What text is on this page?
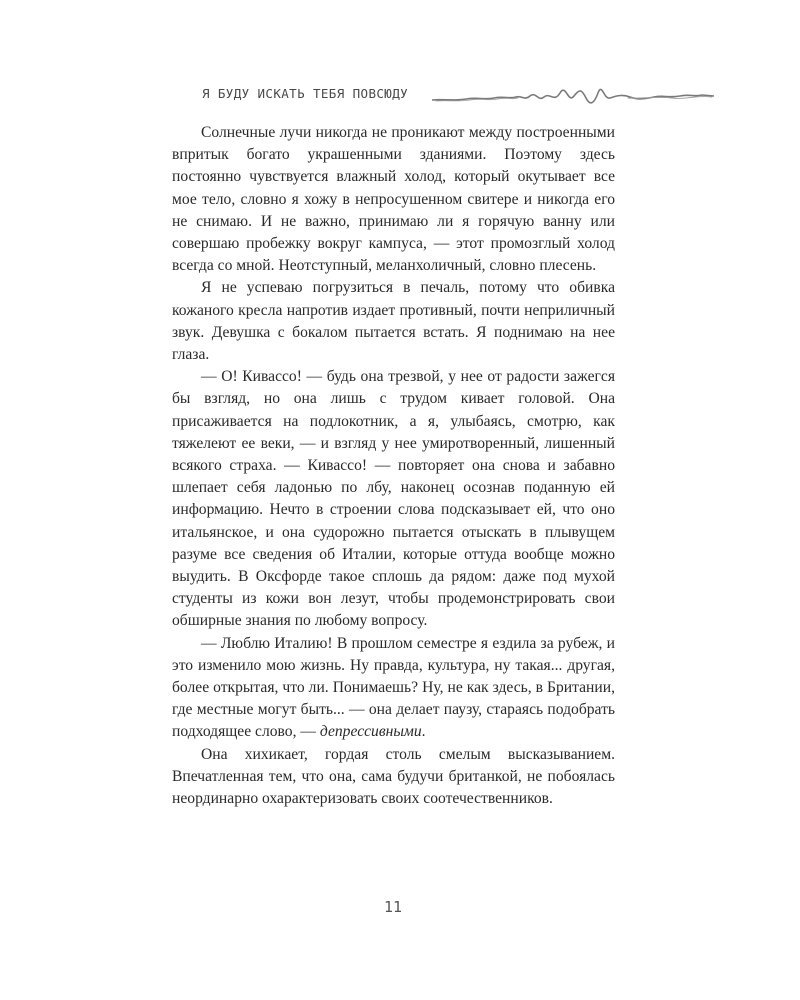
Я БУДУ ИСКАТЬ ТЕБЯ ПОВСЮДУ

Солнечные лучи никогда не проникают между построенными впритык богато украшенными зданиями. Поэтому здесь постоянно чувствуется влажный холод, который окутывает все мое тело, словно я хожу в непросушенном свитере и никогда его не снимаю. И не важно, принимаю ли я горячую ванну или совершаю пробежку вокруг кампуса, — этот промозглый холод всегда со мной. Неотступный, меланхоличный, словно плесень.

Я не успеваю погрузиться в печаль, потому что обивка кожаного кресла напротив издает противный, почти неприличный звук. Девушка с бокалом пытается встать. Я поднимаю на нее глаза.

— О! Кивассо! — будь она трезвой, у нее от радости зажегся бы взгляд, но она лишь с трудом кивает головой. Она присаживается на подлокотник, а я, улыбаясь, смотрю, как тяжелеют ее веки, — и взгляд у нее умиротворенный, лишенный всякого страха. — Кивассо! — повторяет она снова и забавно шлепает себя ладонью по лбу, наконец осознав поданную ей информацию. Нечто в строении слова подсказывает ей, что оно итальянское, и она судорожно пытается отыскать в плывущем разуме все сведения об Италии, которые оттуда вообще можно выудить. В Оксфорде такое сплошь да рядом: даже под мухой студенты из кожи вон лезут, чтобы продемонстрировать свои обширные знания по любому вопросу.

— Люблю Италию! В прошлом семестре я ездила за рубеж, и это изменило мою жизнь. Ну правда, культура, ну такая... другая, более открытая, что ли. Понимаешь? Ну, не как здесь, в Британии, где местные могут быть... — она делает паузу, стараясь подобрать подходящее слово, — депрессивными.

Она хихикает, гордая столь смелым высказыванием. Впечатленная тем, что она, сама будучи британкой, не побоялась неординарно охарактеризовать своих соотечественников.

11
